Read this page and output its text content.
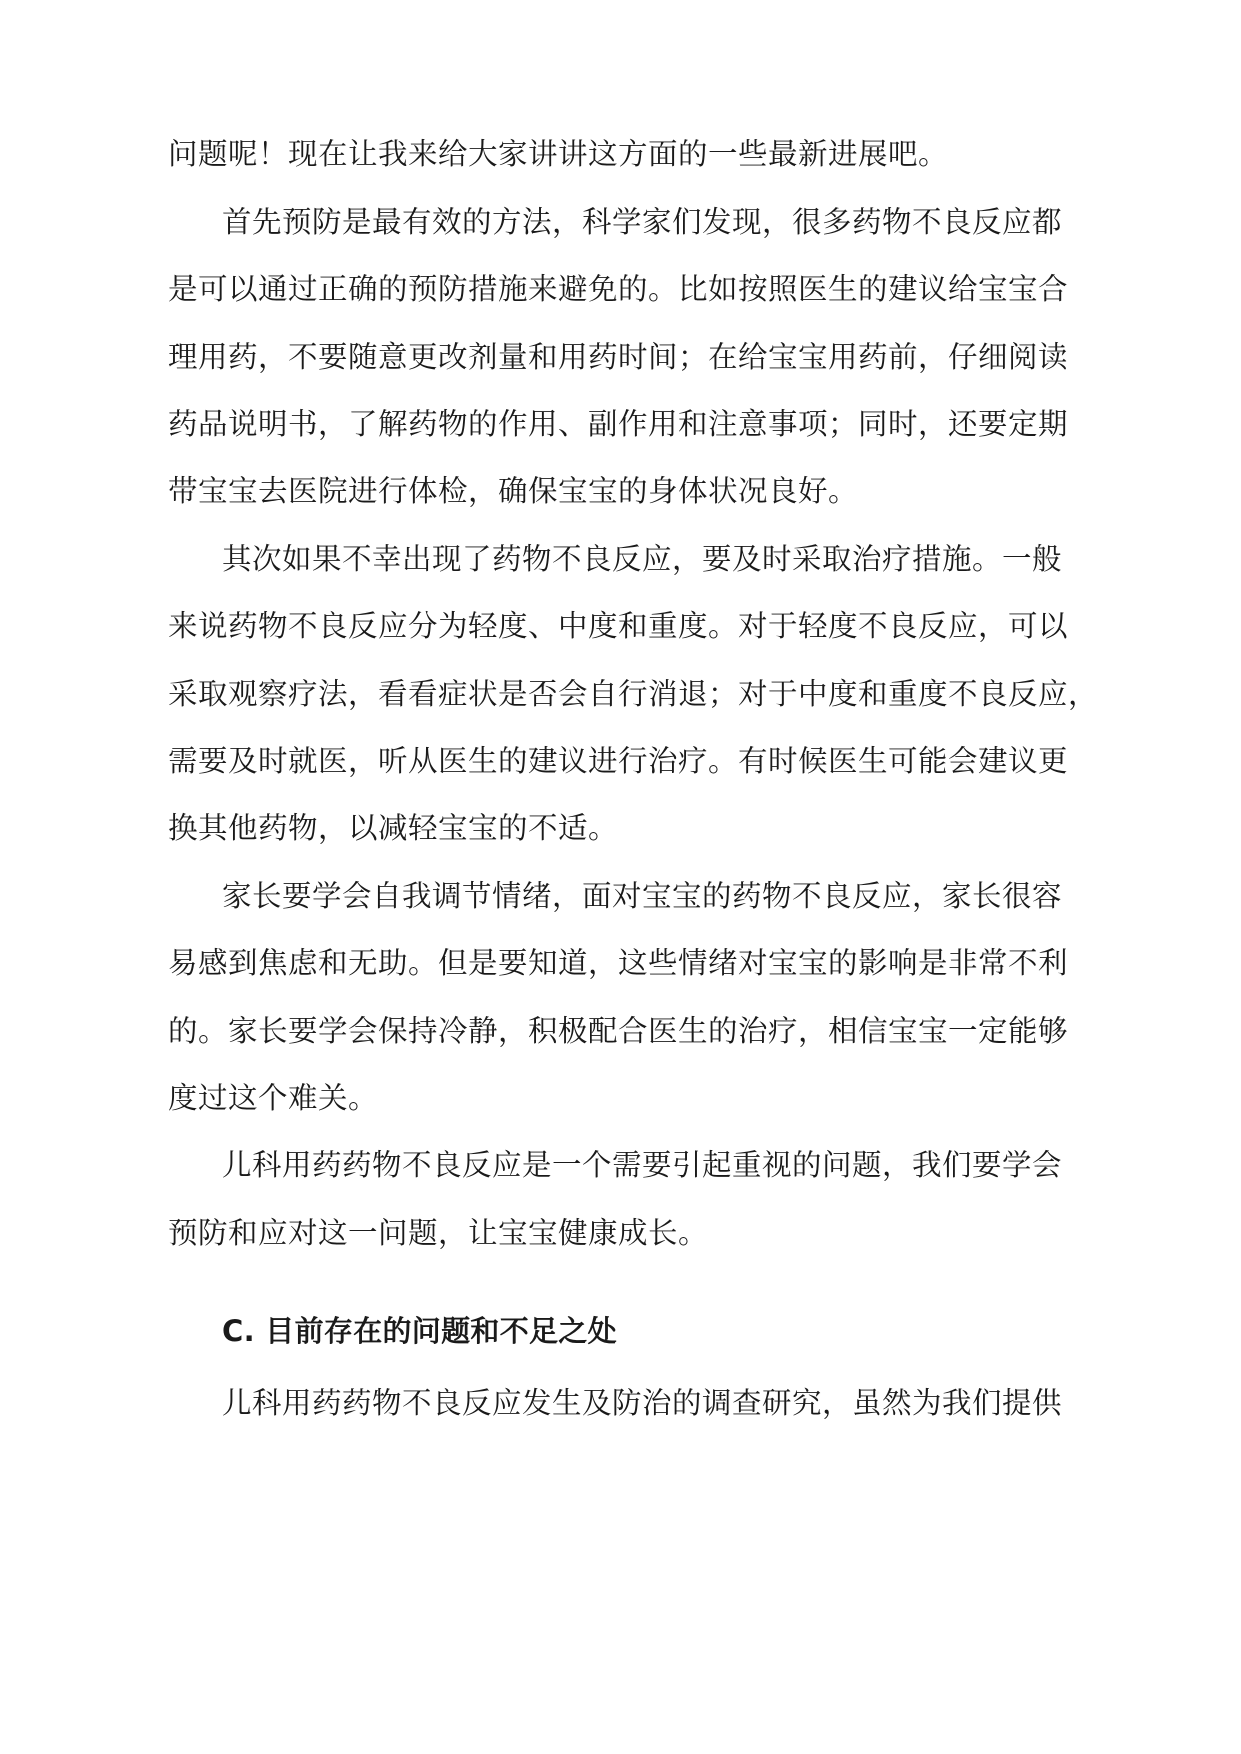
问题呢！现在让我来给大家讲讲这方面的一些最新进展吧。
首先预防是最有效的方法，科学家们发现，很多药物不良反应都
是可以通过正确的预防措施来避免的。比如按照医生的建议给宝宝合
理用药，不要随意更改剂量和用药时间；在给宝宝用药前，仔细阅读
药品说明书，了解药物的作用、副作用和注意事项；同时，还要定期
带宝宝去医院进行体检，确保宝宝的身体状况良好。
其次如果不幸出现了药物不良反应，要及时采取治疗措施。一般
来说药物不良反应分为轻度、中度和重度。对于轻度不良反应，可以
采取观察疗法，看看症状是否会自行消退；对于中度和重度不良反应，
需要及时就医，听从医生的建议进行治疗。有时候医生可能会建议更
换其他药物，以减轻宝宝的不适。
家长要学会自我调节情绪，面对宝宝的药物不良反应，家长很容
易感到焦虑和无助。但是要知道，这些情绪对宝宝的影响是非常不利
的。家长要学会保持冷静，积极配合医生的治疗，相信宝宝一定能够
度过这个难关。
儿科用药药物不良反应是一个需要引起重视的问题，我们要学会
预防和应对这一问题，让宝宝健康成长。
C. 目前存在的问题和不足之处
儿科用药药物不良反应发生及防治的调查研究，虽然为我们提供
